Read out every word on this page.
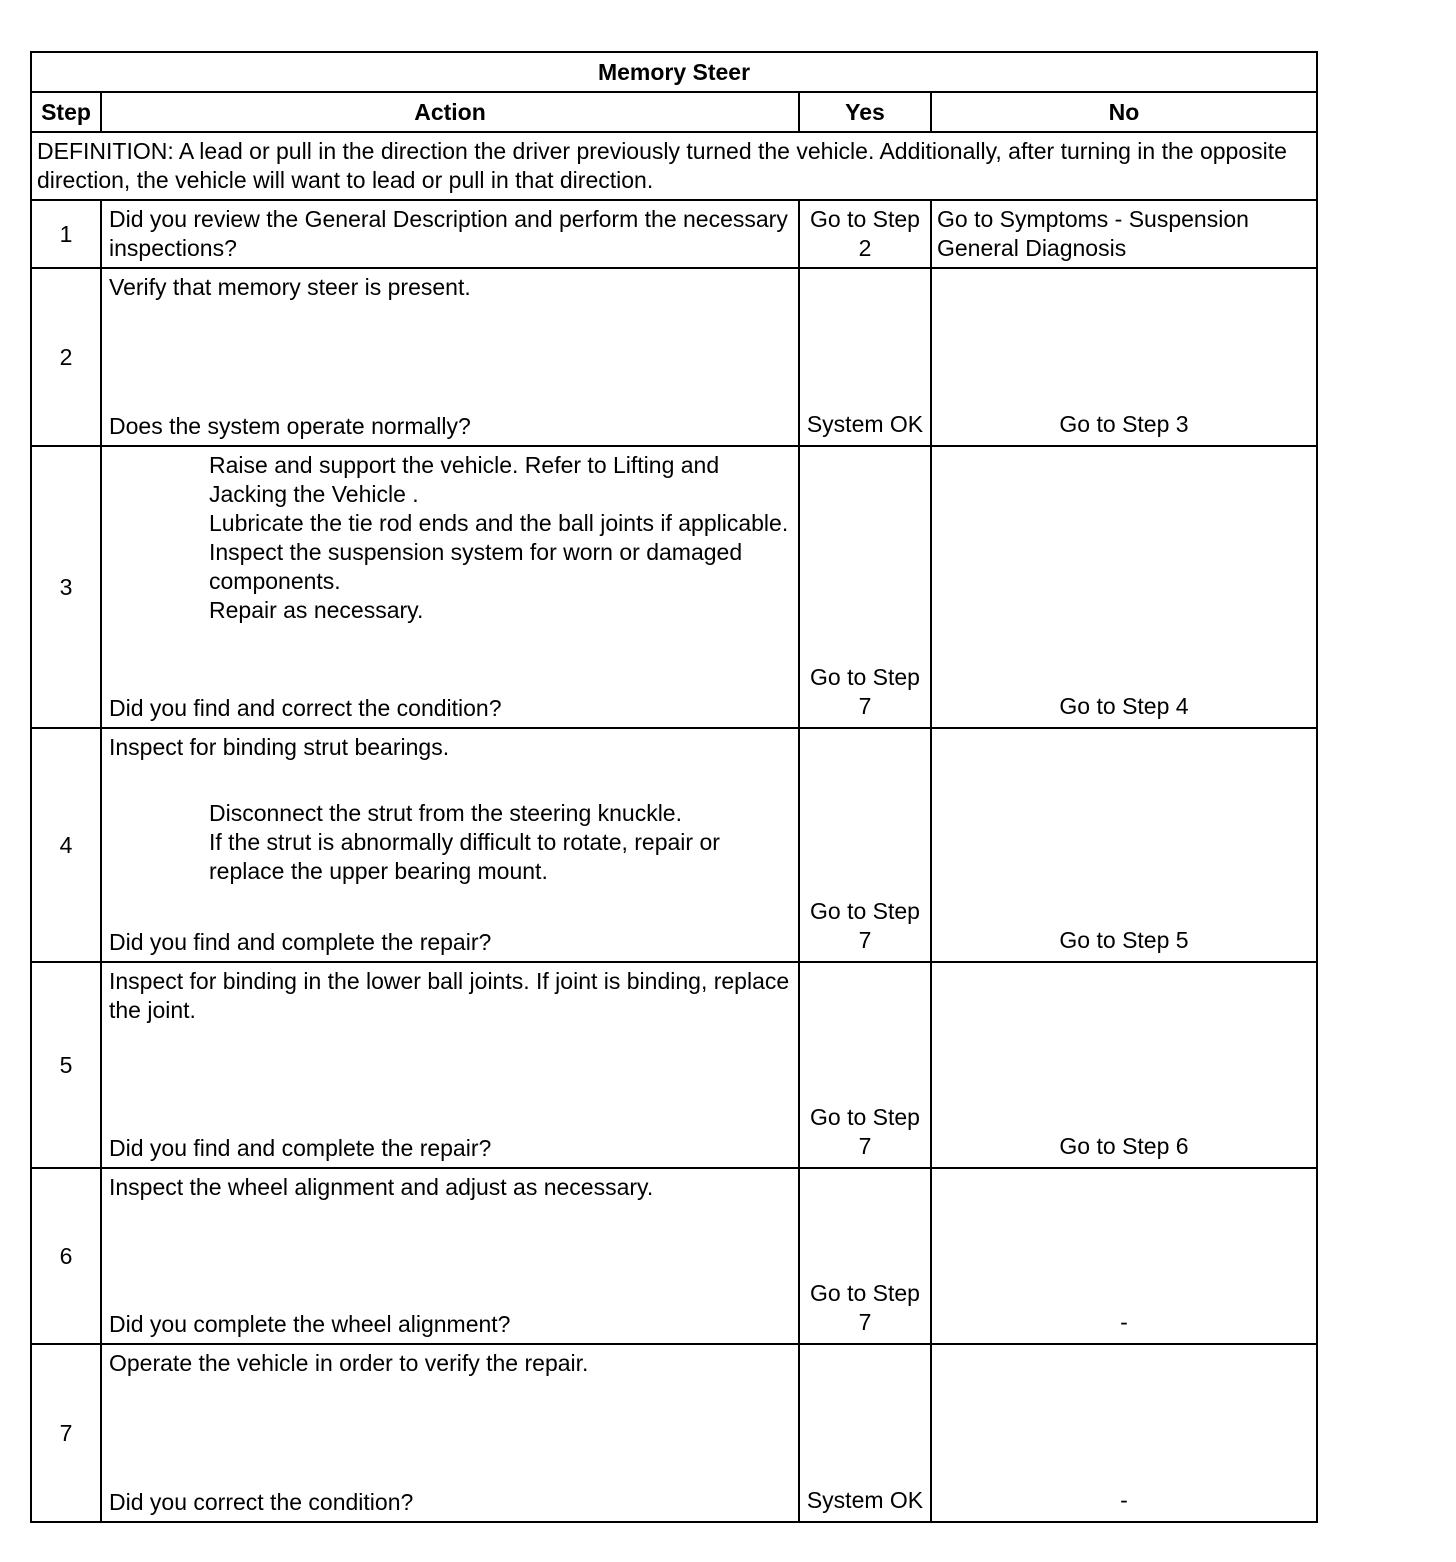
Memory Steer			
Step	Action	Yes	No
DEFINITION: A lead or pull in the direction the driver previously turned the vehicle. Additionally, after turning in the opposite direction, the vehicle will want to lead or pull in that direction.			
1	Did you review the General Description and perform the necessary inspections?	Go to Step 2	Go to Symptoms - Suspension General Diagnosis
2	Verify that memory steer is present.
Does the system operate normally?	System OK	Go to Step 3
3	Raise and support the vehicle. Refer to Lifting and Jacking the Vehicle .
Lubricate the tie rod ends and the ball joints if applicable.
Inspect the suspension system for worn or damaged components.
Repair as necessary.
Did you find and correct the condition?	Go to Step 7	Go to Step 4
4	Inspect for binding strut bearings.
Disconnect the strut from the steering knuckle.
If the strut is abnormally difficult to rotate, repair or replace the upper bearing mount.
Did you find and complete the repair?	Go to Step 7	Go to Step 5
5	Inspect for binding in the lower ball joints. If joint is binding, replace the joint.
Did you find and complete the repair?	Go to Step 7	Go to Step 6
6	Inspect the wheel alignment and adjust as necessary.
Did you complete the wheel alignment?	Go to Step 7	-
7	Operate the vehicle in order to verify the repair.
Did you correct the condition?	System OK	-
